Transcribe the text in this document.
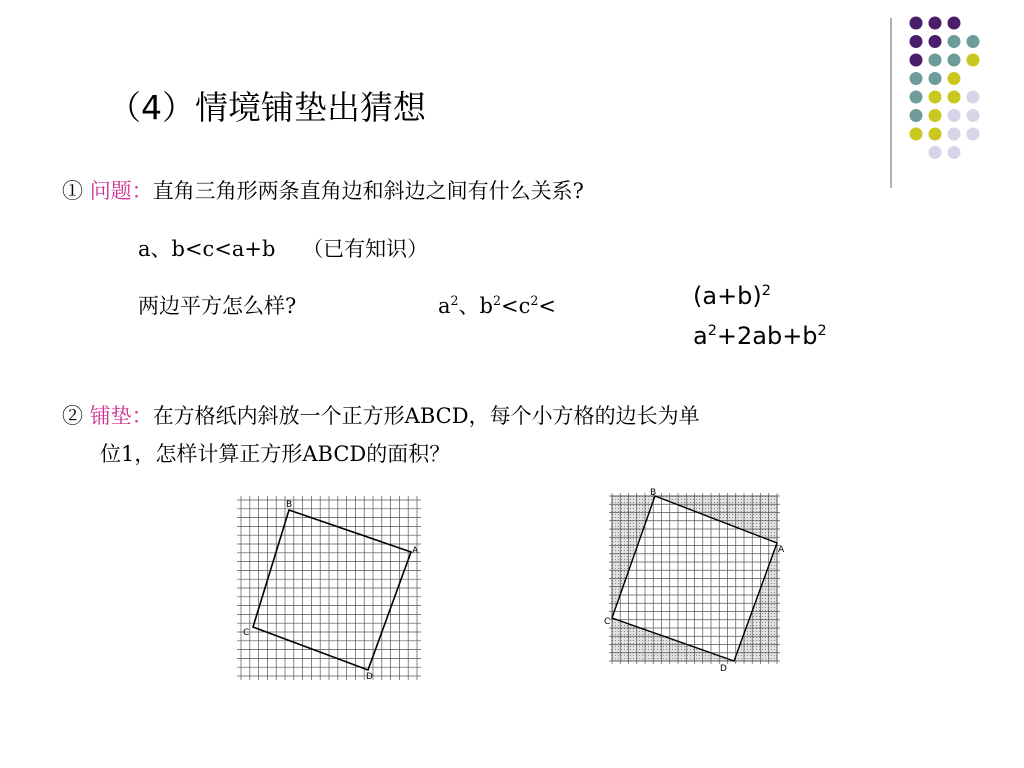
（4）情境铺垫出猜想
① 问题：直角三角形两条直角边和斜边之间有什么关系?
a、b<c<a+b （已有知识）
两边平方怎么样?	$a^2$、$b^2<c^2<$	$(a+b)^2$
$a^2+2ab+b^2$
② 铺垫：在方格纸内斜放一个正方形ABCD，每个小方格的边长为单
位1，怎样计算正方形ABCD的面积？
B
A
C
D
B
A
C
D
